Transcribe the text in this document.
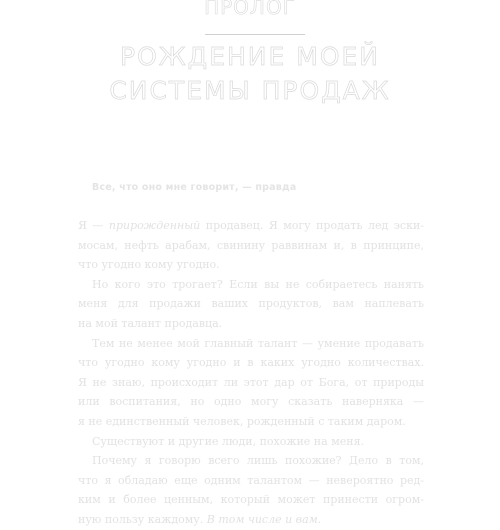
ПРОЛОГ
РОЖДЕНИЕ МОЕЙ
СИСТЕМЫ ПРОДАЖ
Все, что оно мне говорит, — правда
Я — прирожденный продавец. Я могу продать лед эски-
мосам, нефть арабам, свинину раввинам и, в принципе,
что угодно кому угодно.
Но кого это трогает? Если вы не собираетесь нанять
меня для продажи ваших продуктов, вам наплевать
на мой талант продавца.
Тем не менее мой главный талант — умение продавать
что угодно кому угодно и в каких угодно количествах.
Я не знаю, происходит ли этот дар от Бога, от природы
или воспитания, но одно могу сказать наверняка —
я не единственный человек, рожденный с таким даром.
Существуют и другие люди, похожие на меня.
Почему я говорю всего лишь похожие? Дело в том,
что я обладаю еще одним талантом — невероятно ред-
ким и более ценным, который может принести огром-
ную пользу каждому. В том числе и вам.
